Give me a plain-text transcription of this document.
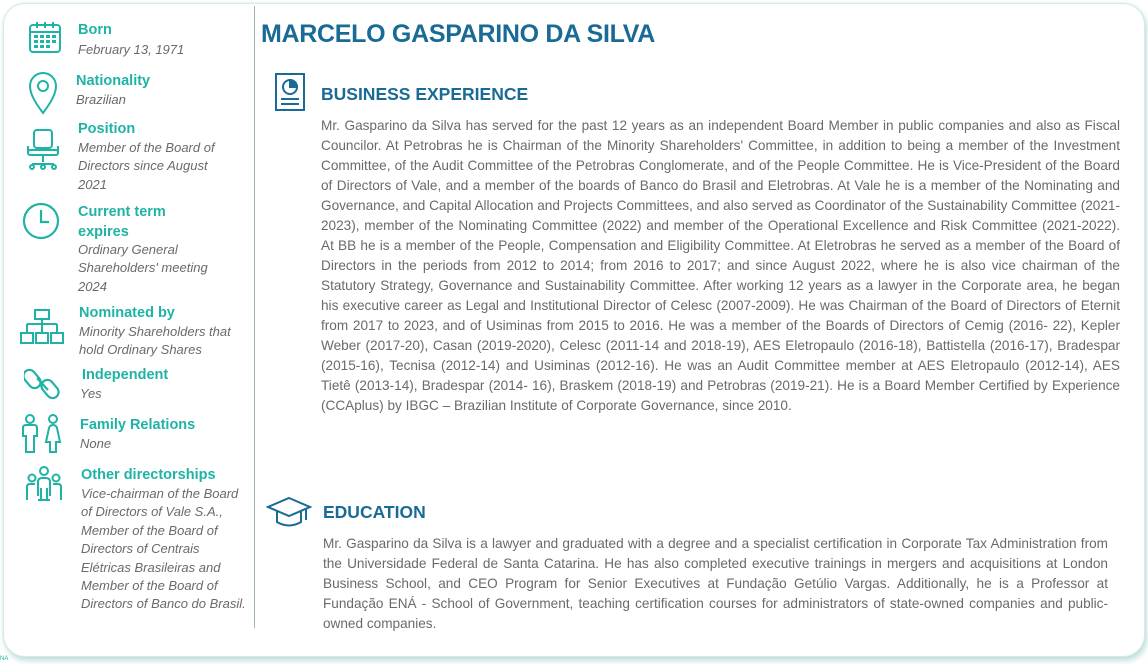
Born
February 13, 1971
Nationality
Brazilian
Position
Member of the Board of Directors since August 2021
Current term expires
Ordinary General Shareholders' meeting 2024
Nominated by
Minority Shareholders that hold Ordinary Shares
Independent
Yes
Family Relations
None
Other directorships
Vice-chairman of the Board of Directors of Vale S.A., Member of the Board of Directors of Centrais Elétricas Brasileiras and Member of the Board of Directors of Banco do Brasil.
MARCELO GASPARINO DA SILVA
BUSINESS EXPERIENCE
Mr. Gasparino da Silva has served for the past 12 years as an independent Board Member in public companies and also as Fiscal Councilor. At Petrobras he is Chairman of the Minority Shareholders' Committee, in addition to being a member of the Investment Committee, of the Audit Committee of the Petrobras Conglomerate, and of the People Committee. He is Vice-President of the Board of Directors of Vale, and a member of the boards of Banco do Brasil and Eletrobras. At Vale he is a member of the Nominating and Governance, and Capital Allocation and Projects Committees, and also served as Coordinator of the Sustainability Committee (2021-2023), member of the Nominating Committee (2022) and member of the Operational Excellence and Risk Committee (2021-2022). At BB he is a member of the People, Compensation and Eligibility Committee. At Eletrobras he served as a member of the Board of Directors in the periods from 2012 to 2014; from 2016 to 2017; and since August 2022, where he is also vice chairman of the Statutory Strategy, Governance and Sustainability Committee. After working 12 years as a lawyer in the Corporate area, he began his executive career as Legal and Institutional Director of Celesc (2007-2009). He was Chairman of the Board of Directors of Eternit from 2017 to 2023, and of Usiminas from 2015 to 2016. He was a member of the Boards of Directors of Cemig (2016- 22), Kepler Weber (2017-20), Casan (2019-2020), Celesc (2011-14 and 2018-19), AES Eletropaulo (2016-18), Battistella (2016-17), Bradespar (2015-16), Tecnisa (2012-14) and Usiminas (2012-16). He was an Audit Committee member at AES Eletropaulo (2012-14), AES Tietê (2013-14), Bradespar (2014- 16), Braskem (2018-19) and Petrobras (2019-21). He is a Board Member Certified by Experience (CCAplus) by IBGC – Brazilian Institute of Corporate Governance, since 2010.
EDUCATION
Mr. Gasparino da Silva is a lawyer and graduated with a degree and a specialist certification in Corporate Tax Administration from the Universidade Federal de Santa Catarina. He has also completed executive trainings in mergers and acquisitions at London Business School, and CEO Program for Senior Executives at Fundação Getúlio Vargas. Additionally, he is a Professor at Fundação ENÁ - School of Government, teaching certification courses for administrators of state-owned companies and public-owned companies.
NA
